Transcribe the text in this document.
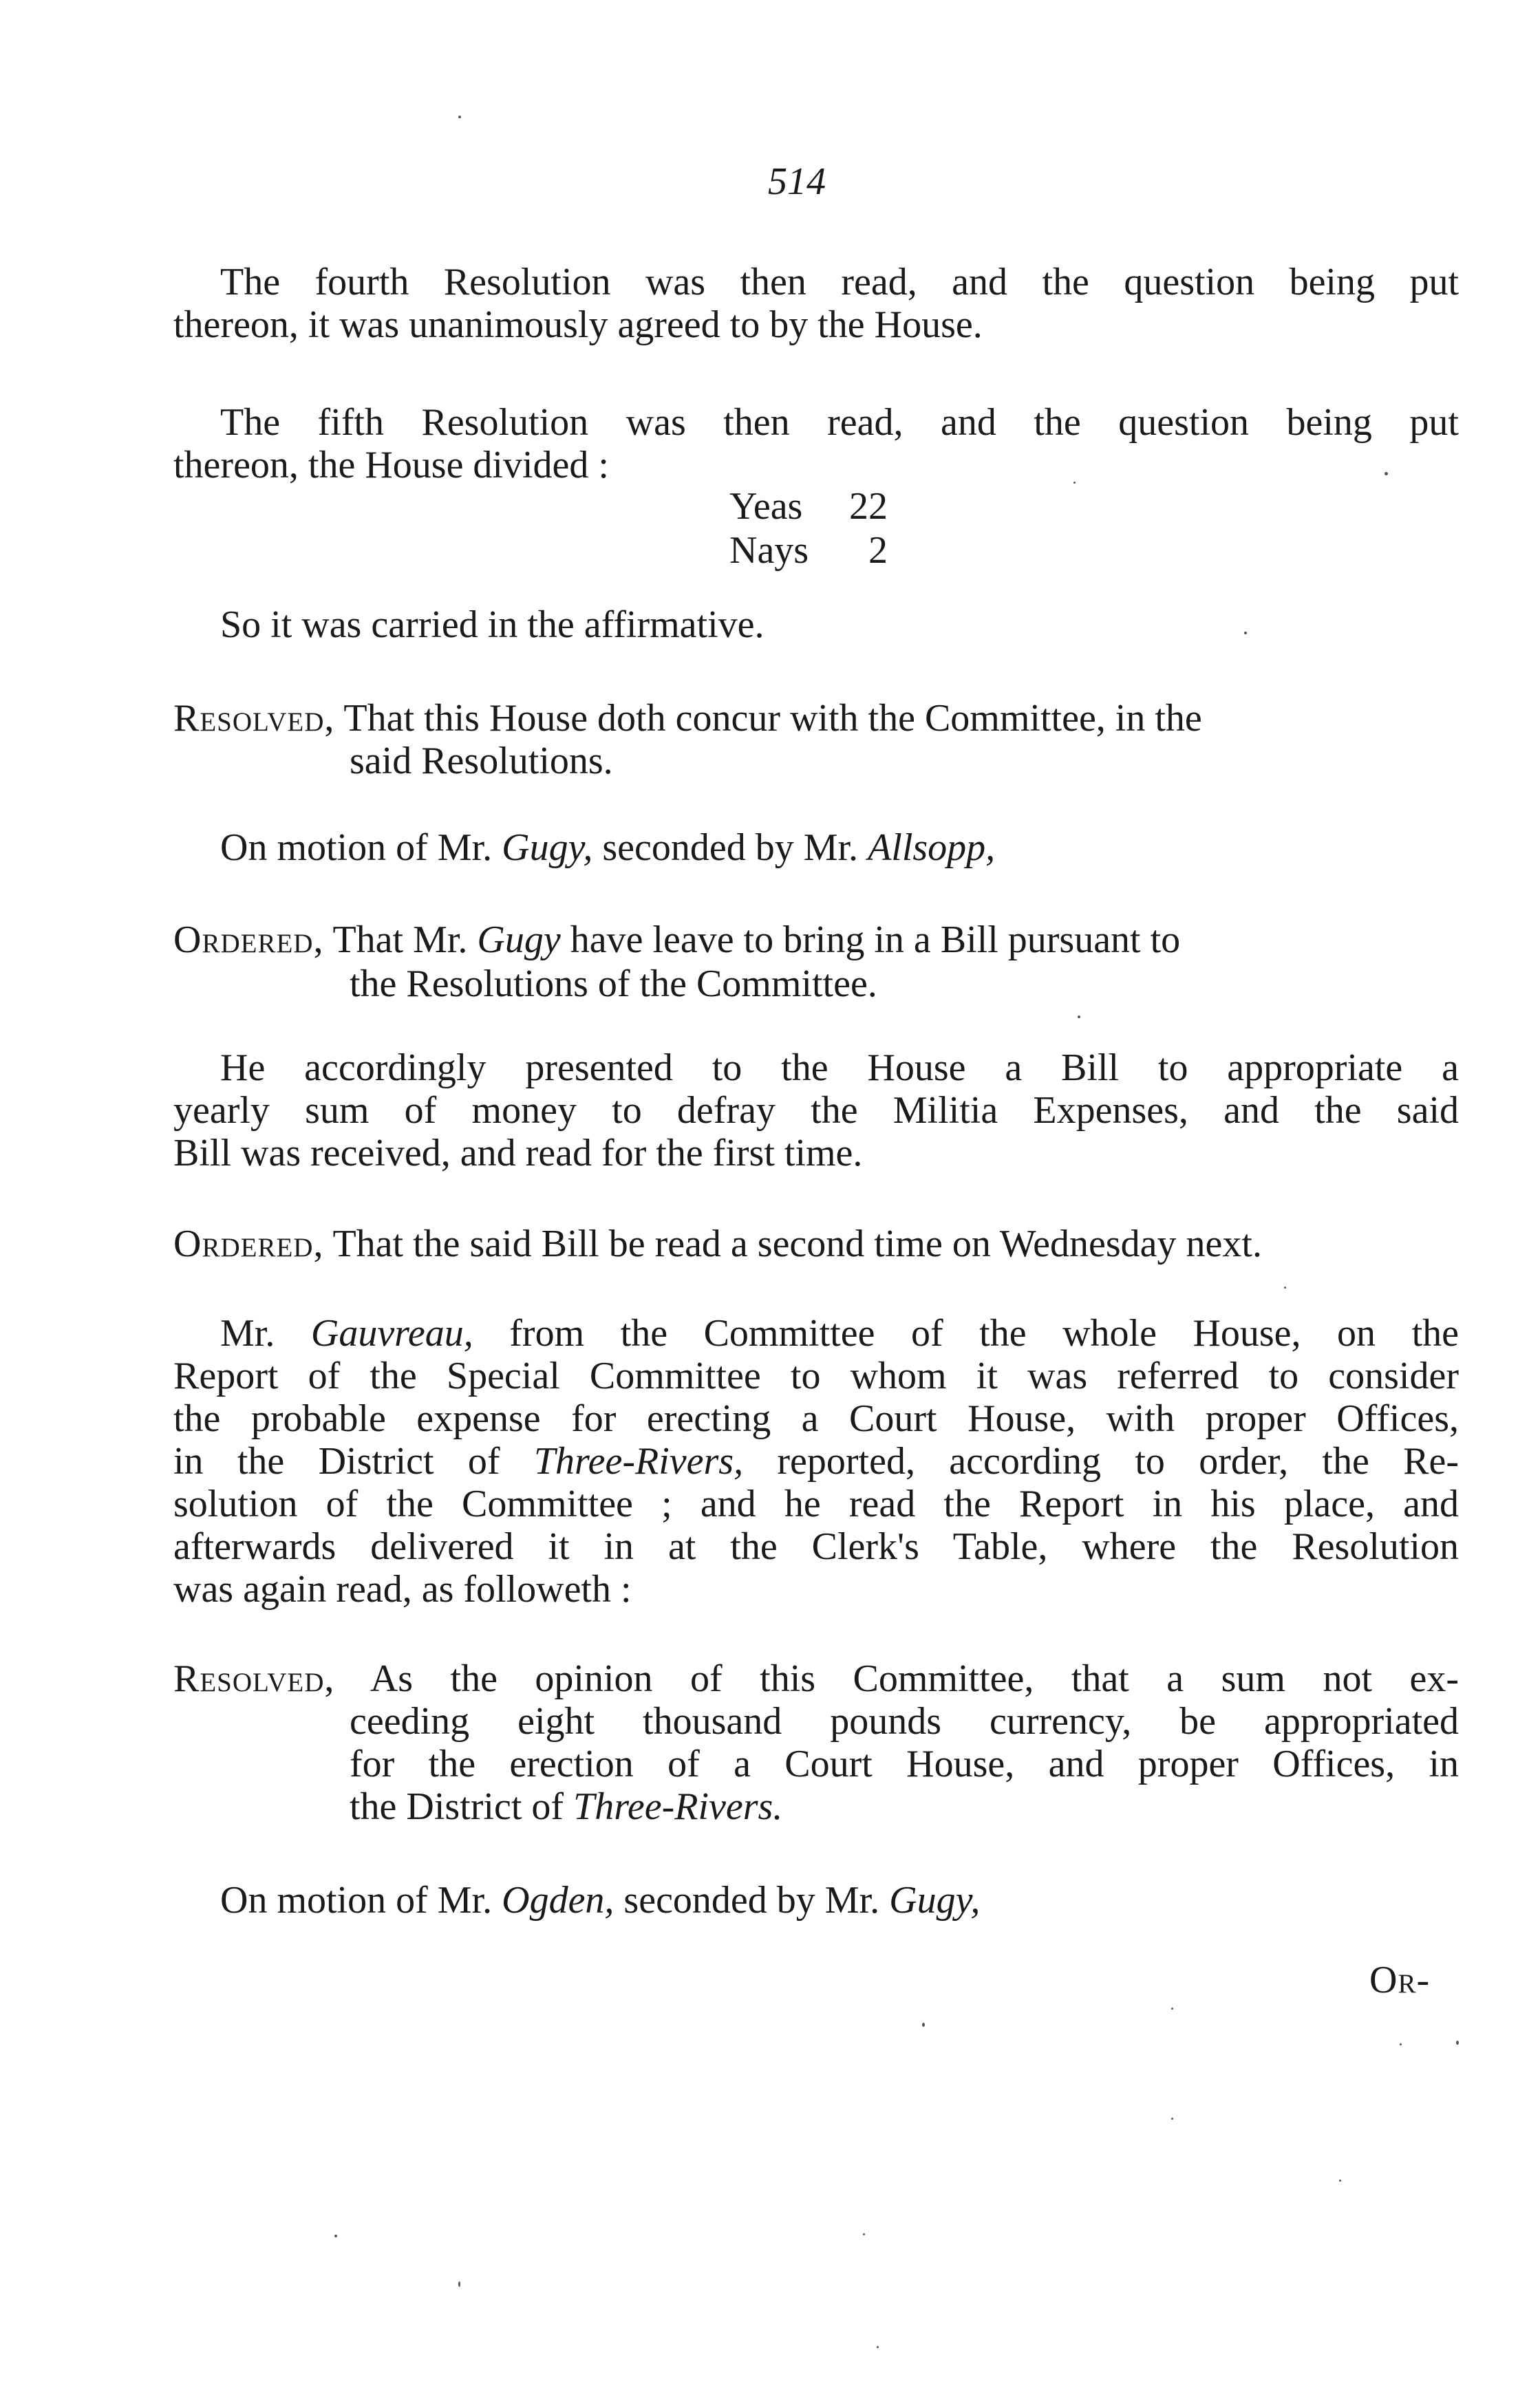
514
The fourth Resolution was then read, and the question being put
thereon, it was unanimously agreed to by the House.
The fifth Resolution was then read, and the question being put
thereon, the House divided :
Yeas	22
Nays	2
So it was carried in the affirmative.
Resolved, That this House doth concur with the Committee, in the
said Resolutions.
On motion of Mr. Gugy, seconded by Mr. Allsopp,
Ordered, That Mr. Gugy have leave to bring in a Bill pursuant to
the Resolutions of the Committee.
He accordingly presented to the House a Bill to appropriate a
yearly sum of money to defray the Militia Expenses, and the said
Bill was received, and read for the first time.
Ordered, That the said Bill be read a second time on Wednesday next.
Mr. Gauvreau, from the Committee of the whole House, on the
Report of the Special Committee to whom it was referred to consider
the probable expense for erecting a Court House, with proper Offices,
in the District of Three-Rivers, reported, according to order, the Re-
solution of the Committee ; and he read the Report in his place, and
afterwards delivered it in at the Clerk's Table, where the Resolution
was again read, as followeth :
Resolved, As the opinion of this Committee, that a sum not ex-
ceeding eight thousand pounds currency, be appropriated
for the erection of a Court House, and proper Offices, in
the District of Three-Rivers.
On motion of Mr. Ogden, seconded by Mr. Gugy,
Or-
